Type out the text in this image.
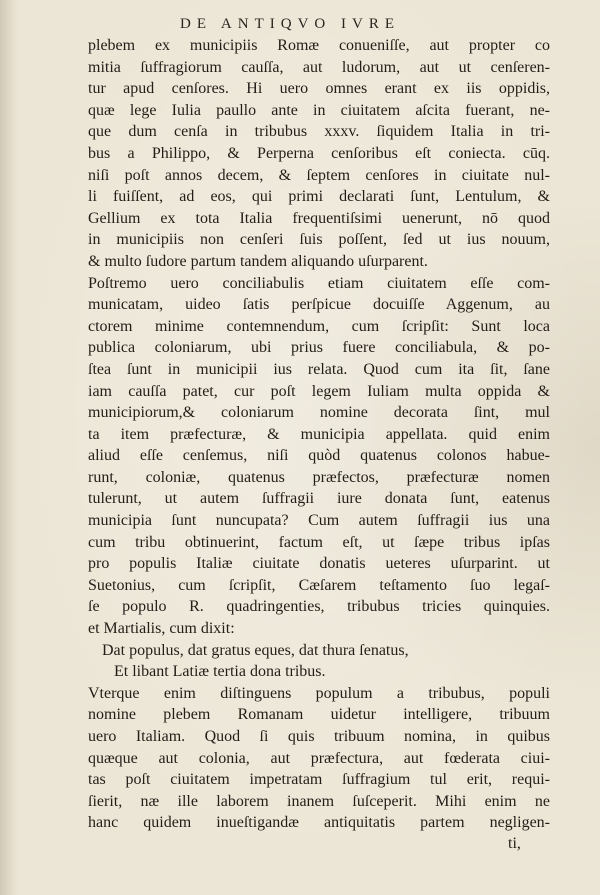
DE ANTIQVO IVRE
plebem ex municipiis Romæ conueniſſe, aut propter co
mitia ſuffragiorum cauſſa, aut ludorum, aut ut cenſeren-
tur apud cenſores. Hi uero omnes erant ex iis oppidis,
quæ lege Iulia paullo ante in ciuitatem aſcita fuerant, ne-
que dum cenſa in tribubus xxxv. ſiquidem Italia in tri-
bus a Philippo, & Perperna cenſoribus eſt coniecta. cūq.
niſi poſt annos decem, & ſeptem cenſores in ciuitate nul-
li fuiſſent, ad eos, qui primi declarati ſunt, Lentulum, &
Gellium ex tota Italia frequentiſsimi uenerunt, nō quod
in municipiis non cenſeri ſuis poſſent, ſed ut ius nouum,
& multo ſudore partum tandem aliquando uſurparent.
Poſtremo uero conciliabulis etiam ciuitatem eſſe com-
municatam, uideo ſatis perſpicue docuiſſe Aggenum, au
ctorem minime contemnendum, cum ſcripſit: Sunt loca
publica coloniarum, ubi prius fuere conciliabula, & po-
ſtea ſunt in municipii ius relata. Quod cum ita ſit, ſane
iam cauſſa patet, cur poſt legem Iuliam multa oppida &
municipiorum,& coloniarum nomine decorata ſint, mul
ta item præfecturæ, & municipia appellata. quid enim
aliud eſſe cenſemus, niſi quòd quatenus colonos habue-
runt, coloniæ, quatenus præfectos, præfecturæ nomen
tulerunt, ut autem ſuffragii iure donata ſunt, eatenus
municipia ſunt nuncupata? Cum autem ſuffragii ius una
cum tribu obtinuerint, factum eſt, ut ſæpe tribus ipſas
pro populis Italiæ ciuitate donatis ueteres uſurparint. ut
Suetonius, cum ſcripſit, Cæſarem teſtamento ſuo legaſ-
ſe populo R. quadringenties, tribubus tricies quinquies.
et Martialis, cum dixit:
Dat populus, dat gratus eques, dat thura ſenatus,
Et libant Latiæ tertia dona tribus.
Vterque enim diſtinguens populum a tribubus, populi
nomine plebem Romanam uidetur intelligere, tribuum
uero Italiam. Quod ſi quis tribuum nomina, in quibus
quæque aut colonia, aut præfectura, aut fœderata ciui-
tas poſt ciuitatem impetratam ſuffragium tul erit, requi-
ſierit, næ ille laborem inanem ſuſceperit. Mihi enim ne
hanc quidem inueſtigandæ antiquitatis partem negligen-
ti,
